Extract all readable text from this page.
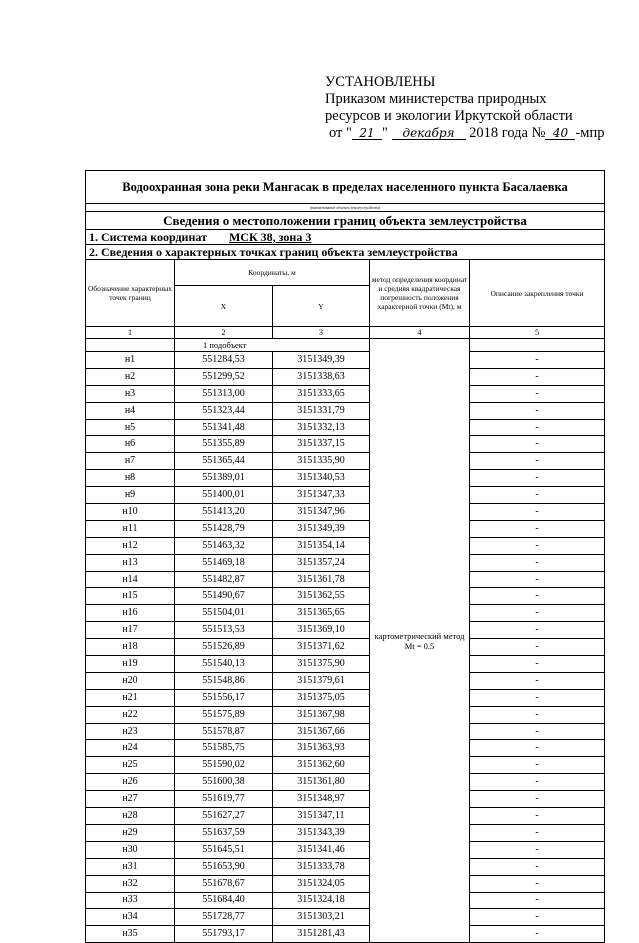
УСТАНОВЛЕНЫ
Приказом министерства природных
ресурсов и экологии Иркутской области
от " 21 " декабря 2018 года № 40 -мпр
Водоохранная зона реки Мангасак в пределах населенного пункта Басалаевка				
(наименование объекта землеустройства)				
Сведения о местоположении границ объекта землеустройства				
1. Система координат МСК 38, зона 3				
2. Сведения о характерных точках границ объекта землеустройства				
Обозначение характерных точек границ	Координаты, м		метод определения координат и средняя квадратическая погрешность положения характерной точки (Mt), м	Описание закрепления точки
	X	Y		
1	2	3	4	5
	1 подобъект		картометрический метод Mt = 0.5	
н1	551284,53	3151349,39		-
н2	551299,52	3151338,63		-
н3	551313,00	3151333,65		-
н4	551323,44	3151331,79		-
н5	551341,48	3151332,13		-
н6	551355,89	3151337,15		-
н7	551365,44	3151335,90		-
н8	551389,01	3151340,53		-
н9	551400,01	3151347,33		-
н10	551413,20	3151347,96		-
н11	551428,79	3151349,39		-
н12	551463,32	3151354,14		-
н13	551469,18	3151357,24		-
н14	551482,87	3151361,78		-
н15	551490,67	3151362,55		-
н16	551504,01	3151365,65		-
н17	551513,53	3151369,10		-
н18	551526,89	3151371,62		-
н19	551540,13	3151375,90		-
н20	551548,86	3151379,61		-
н21	551556,17	3151375,05		-
н22	551575,89	3151367,98		-
н23	551578,87	3151367,66		-
н24	551585,75	3151363,93		-
н25	551590,02	3151362,60		-
н26	551600,38	3151361,80		-
н27	551619,77	3151348,97		-
н28	551627,27	3151347,11		-
н29	551637,59	3151343,39		-
н30	551645,51	3151341,46		-
н31	551653,90	3151333,78		-
н32	551678,67	3151324,05		-
н33	551684,40	3151324,18		-
н34	551728,77	3151303,21		-
н35	551793,17	3151281,43		-
